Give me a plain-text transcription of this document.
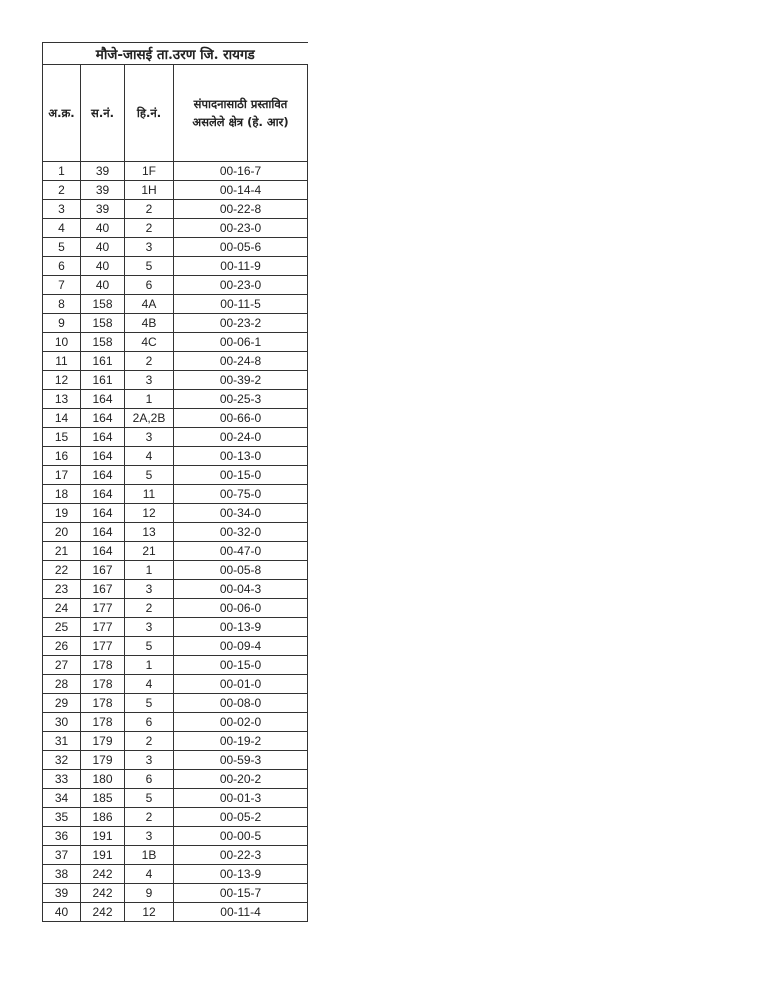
मौजे-जासई ता.उरण जि. रायगड			
अ.क्र.	स.नं.	हि.नं.	संपादनासाठी प्रस्तावित
असलेले क्षेत्र (हे. आर)

1	39	1F	00-16-7
2	39	1H	00-14-4
3	39	2	00-22-8
4	40	2	00-23-0
5	40	3	00-05-6
6	40	5	00-11-9
7	40	6	00-23-0
8	158	4A	00-11-5
9	158	4B	00-23-2
10	158	4C	00-06-1
11	161	2	00-24-8
12	161	3	00-39-2
13	164	1	00-25-3
14	164	2A,2B	00-66-0
15	164	3	00-24-0
16	164	4	00-13-0
17	164	5	00-15-0
18	164	11	00-75-0
19	164	12	00-34-0
20	164	13	00-32-0
21	164	21	00-47-0
22	167	1	00-05-8
23	167	3	00-04-3
24	177	2	00-06-0
25	177	3	00-13-9
26	177	5	00-09-4
27	178	1	00-15-0
28	178	4	00-01-0
29	178	5	00-08-0
30	178	6	00-02-0
31	179	2	00-19-2
32	179	3	00-59-3
33	180	6	00-20-2
34	185	5	00-01-3
35	186	2	00-05-2
36	191	3	00-00-5
37	191	1B	00-22-3
38	242	4	00-13-9
39	242	9	00-15-7
40	242	12	00-11-4
